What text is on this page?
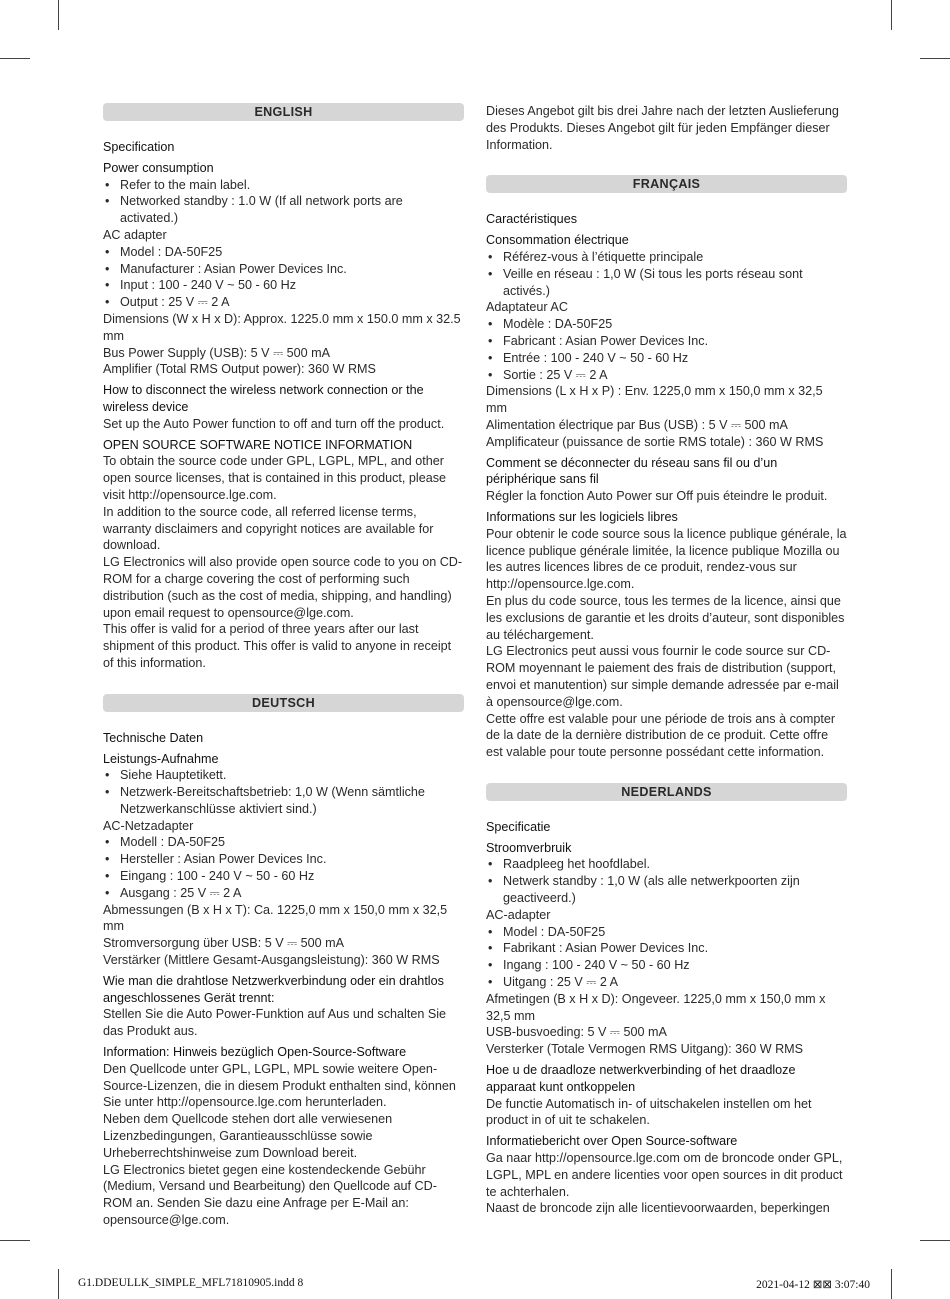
ENGLISH

Specification

Power consumption

• Refer to the main label.
• Networked standby : 1.0 W (If all network ports are activated.)

AC adapter

• Model : DA-50F25
• Manufacturer : Asian Power Devices Inc.
• Input : 100 - 240 V ~ 50 - 60 Hz
• Output : 25 V ⎓ 2 A

Dimensions (W x H x D): Approx. 1225.0 mm x 150.0 mm x 32.5 mm

Bus Power Supply (USB): 5 V ⎓ 500 mA

Amplifier (Total RMS Output power): 360 W RMS

How to disconnect the wireless network connection or the wireless device

Set up the Auto Power function to off and turn off the product.

OPEN SOURCE SOFTWARE NOTICE INFORMATION

To obtain the source code under GPL, LGPL, MPL, and other open source licenses, that is contained in this product, please visit http://opensource.lge.com.

In addition to the source code, all referred license terms, warranty disclaimers and copyright notices are available for download.

LG Electronics will also provide open source code to you on CD-ROM for a charge covering the cost of performing such distribution (such as the cost of media, shipping, and handling) upon email request to opensource@lge.com.

This offer is valid for a period of three years after our last shipment of this product. This offer is valid to anyone in receipt of this information.

DEUTSCH

Technische Daten

Leistungs-Aufnahme

• Siehe Hauptetikett.
• Netzwerk-Bereitschaftsbetrieb: 1,0 W (Wenn sämtliche Netzwerkanschlüsse aktiviert sind.)

AC-Netzadapter

• Modell : DA-50F25
• Hersteller : Asian Power Devices Inc.
• Eingang : 100 - 240 V ~ 50 - 60 Hz
• Ausgang : 25 V ⎓ 2 A

Abmessungen (B x H x T): Ca. 1225,0 mm x 150,0 mm x 32,5 mm

Stromversorgung über USB: 5 V ⎓ 500 mA

Verstärker (Mittlere Gesamt-Ausgangsleistung): 360 W RMS

Wie man die drahtlose Netzwerkverbindung oder ein drahtlos angeschlossenes Gerät trennt:

Stellen Sie die Auto Power-Funktion auf Aus und schalten Sie das Produkt aus.

Information: Hinweis bezüglich Open-Source-Software

Den Quellcode unter GPL, LGPL, MPL sowie weitere Open-Source-Lizenzen, die in diesem Produkt enthalten sind, können Sie unter http://opensource.lge.com herunterladen.

Neben dem Quellcode stehen dort alle verwiesenen Lizenzbedingungen, Garantieausschlüsse sowie Urheberrechtshinweise zum Download bereit.

LG Electronics bietet gegen eine kostendeckende Gebühr (Medium, Versand und Bearbeitung) den Quellcode auf CD-ROM an. Senden Sie dazu eine Anfrage per E-Mail an: opensource@lge.com.

Dieses Angebot gilt bis drei Jahre nach der letzten Auslieferung des Produkts. Dieses Angebot gilt für jeden Empfänger dieser Information.

FRANÇAIS

Caractéristiques

Consommation électrique

• Référez-vous à l’étiquette principale
• Veille en réseau : 1,0 W (Si tous les ports réseau sont activés.)

Adaptateur AC

• Modèle : DA-50F25
• Fabricant : Asian Power Devices Inc.
• Entrée : 100 - 240 V ~ 50 - 60 Hz
• Sortie : 25 V ⎓ 2 A

Dimensions (L x H x P) : Env. 1225,0 mm x 150,0 mm x 32,5 mm

Alimentation électrique par Bus (USB) : 5 V ⎓ 500 mA

Amplificateur (puissance de sortie RMS totale) : 360 W RMS

Comment se déconnecter du réseau sans fil ou d’un périphérique sans fil

Régler la fonction Auto Power sur Off puis éteindre le produit.

Informations sur les logiciels libres

Pour obtenir le code source sous la licence publique générale, la licence publique générale limitée, la licence publique Mozilla ou les autres licences libres de ce produit, rendez-vous sur http://opensource.lge.com.

En plus du code source, tous les termes de la licence, ainsi que les exclusions de garantie et les droits d’auteur, sont disponibles au téléchargement.

LG Electronics peut aussi vous fournir le code source sur CD-ROM moyennant le paiement des frais de distribution (support, envoi et manutention) sur simple demande adressée par e-mail à opensource@lge.com.

Cette offre est valable pour une période de trois ans à compter de la date de la dernière distribution de ce produit. Cette offre est valable pour toute personne possédant cette information.

NEDERLANDS

Specificatie

Stroomverbruik

• Raadpleeg het hoofdlabel.
• Netwerk standby : 1,0 W (als alle netwerkpoorten zijn geactiveerd.)

AC-adapter

• Model : DA-50F25
• Fabrikant : Asian Power Devices Inc.
• Ingang : 100 - 240 V ~ 50 - 60 Hz
• Uitgang : 25 V ⎓ 2 A

Afmetingen (B x H x D): Ongeveer. 1225,0 mm x 150,0 mm x 32,5 mm

USB-busvoeding: 5 V ⎓ 500 mA

Versterker (Totale Vermogen RMS Uitgang): 360 W RMS

Hoe u de draadloze netwerkverbinding of het draadloze apparaat kunt ontkoppelen

De functie Automatisch in- of uitschakelen instellen om het product in of uit te schakelen.

Informatiebericht over Open Source-software

Ga naar http://opensource.lge.com om de broncode onder GPL, LGPL, MPL en andere licenties voor open sources in dit product te achterhalen.

Naast de broncode zijn alle licentievoorwaarden, beperkingen

G1.DDEULLK_SIMPLE_MFL71810905.indd 8	2021-04-12 ⊠⊠ 3:07:40
